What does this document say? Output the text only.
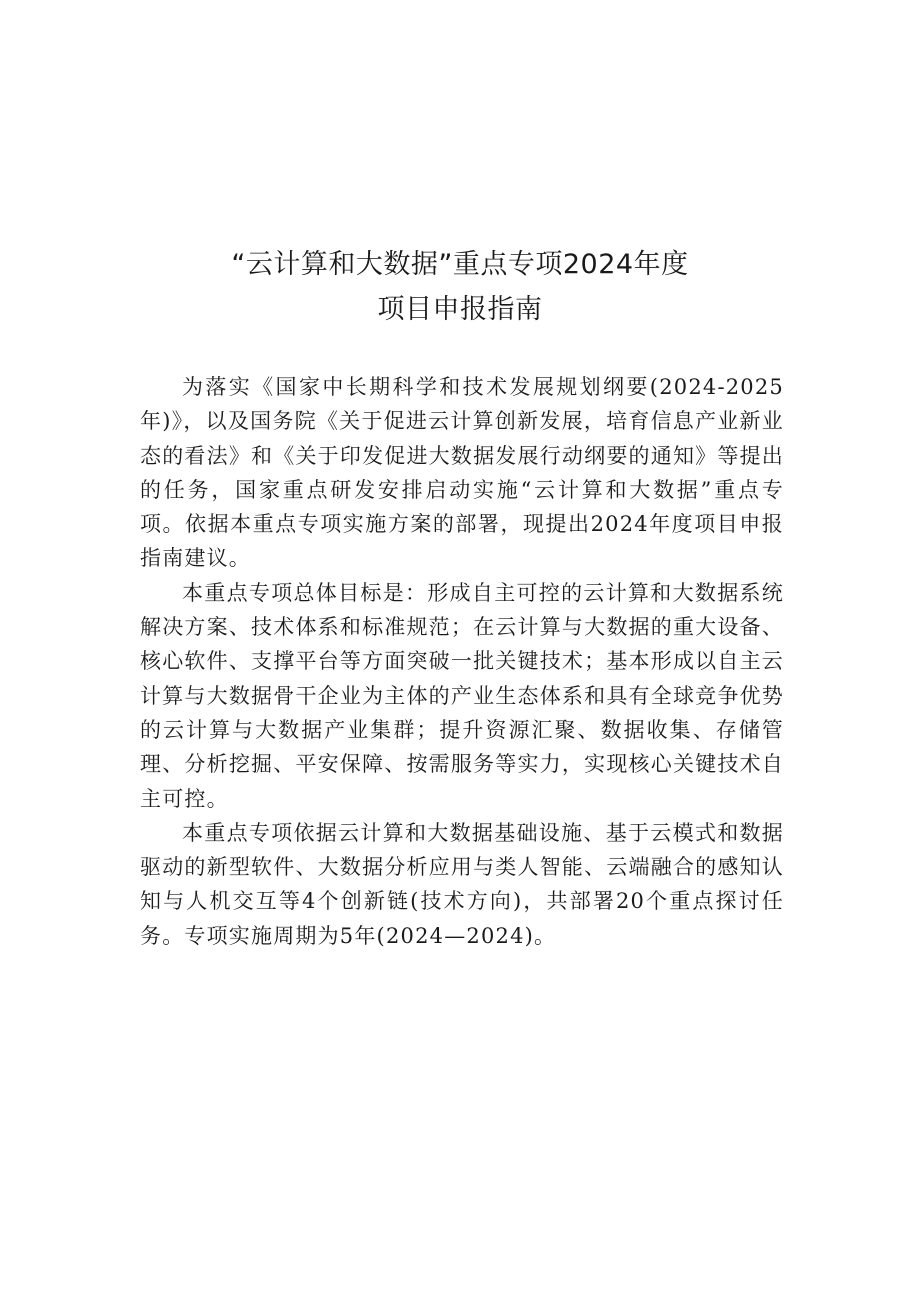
“云计算和大数据”重点专项2024年度
项目申报指南

为落实《国家中长期科学和技术发展规划纲要(2024-2025年)》，以及国务院《关于促进云计算创新发展，培育信息产业新业态的看法》和《关于印发促进大数据发展行动纲要的通知》等提出的任务，国家重点研发安排启动实施“云计算和大数据”重点专项。依据本重点专项实施方案的部署，现提出2024年度项目申报指南建议。

本重点专项总体目标是：形成自主可控的云计算和大数据系统解决方案、技术体系和标准规范；在云计算与大数据的重大设备、核心软件、支撑平台等方面突破一批关键技术；基本形成以自主云计算与大数据骨干企业为主体的产业生态体系和具有全球竞争优势的云计算与大数据产业集群；提升资源汇聚、数据收集、存储管理、分析挖掘、平安保障、按需服务等实力，实现核心关键技术自主可控。

本重点专项依据云计算和大数据基础设施、基于云模式和数据驱动的新型软件、大数据分析应用与类人智能、云端融合的感知认知与人机交互等4个创新链(技术方向)，共部署20个重点探讨任务。专项实施周期为5年(2024—2024)。
